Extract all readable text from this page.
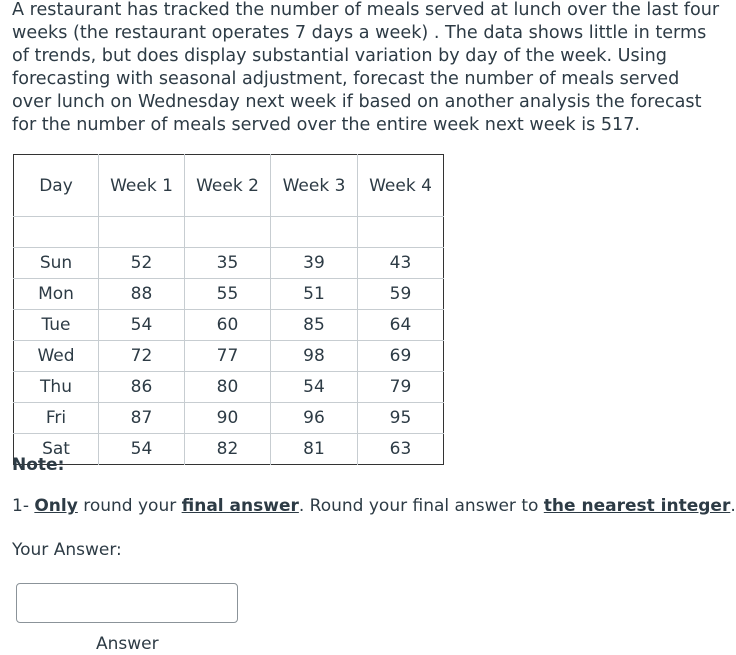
A restaurant has tracked the number of meals served at lunch over the last four weeks (the restaurant operates 7 days a week) . The data shows little in terms of trends, but does display substantial variation by day of the week. Using forecasting with seasonal adjustment, forecast the number of meals served over lunch on Wednesday next week if based on another analysis the forecast for the number of meals served over the entire week next week is 517.

Day	Week 1	Week 2	Week 3	Week 4

Sun	52	35	39	43
Mon	88	55	51	59
Tue	54	60	85	64
Wed	72	77	98	69
Thu	86	80	54	79
Fri	87	90	96	95
Sat	54	82	81	63

Note:

1- Only round your final answer. Round your final answer to the nearest integer.

Your Answer:

Answer
